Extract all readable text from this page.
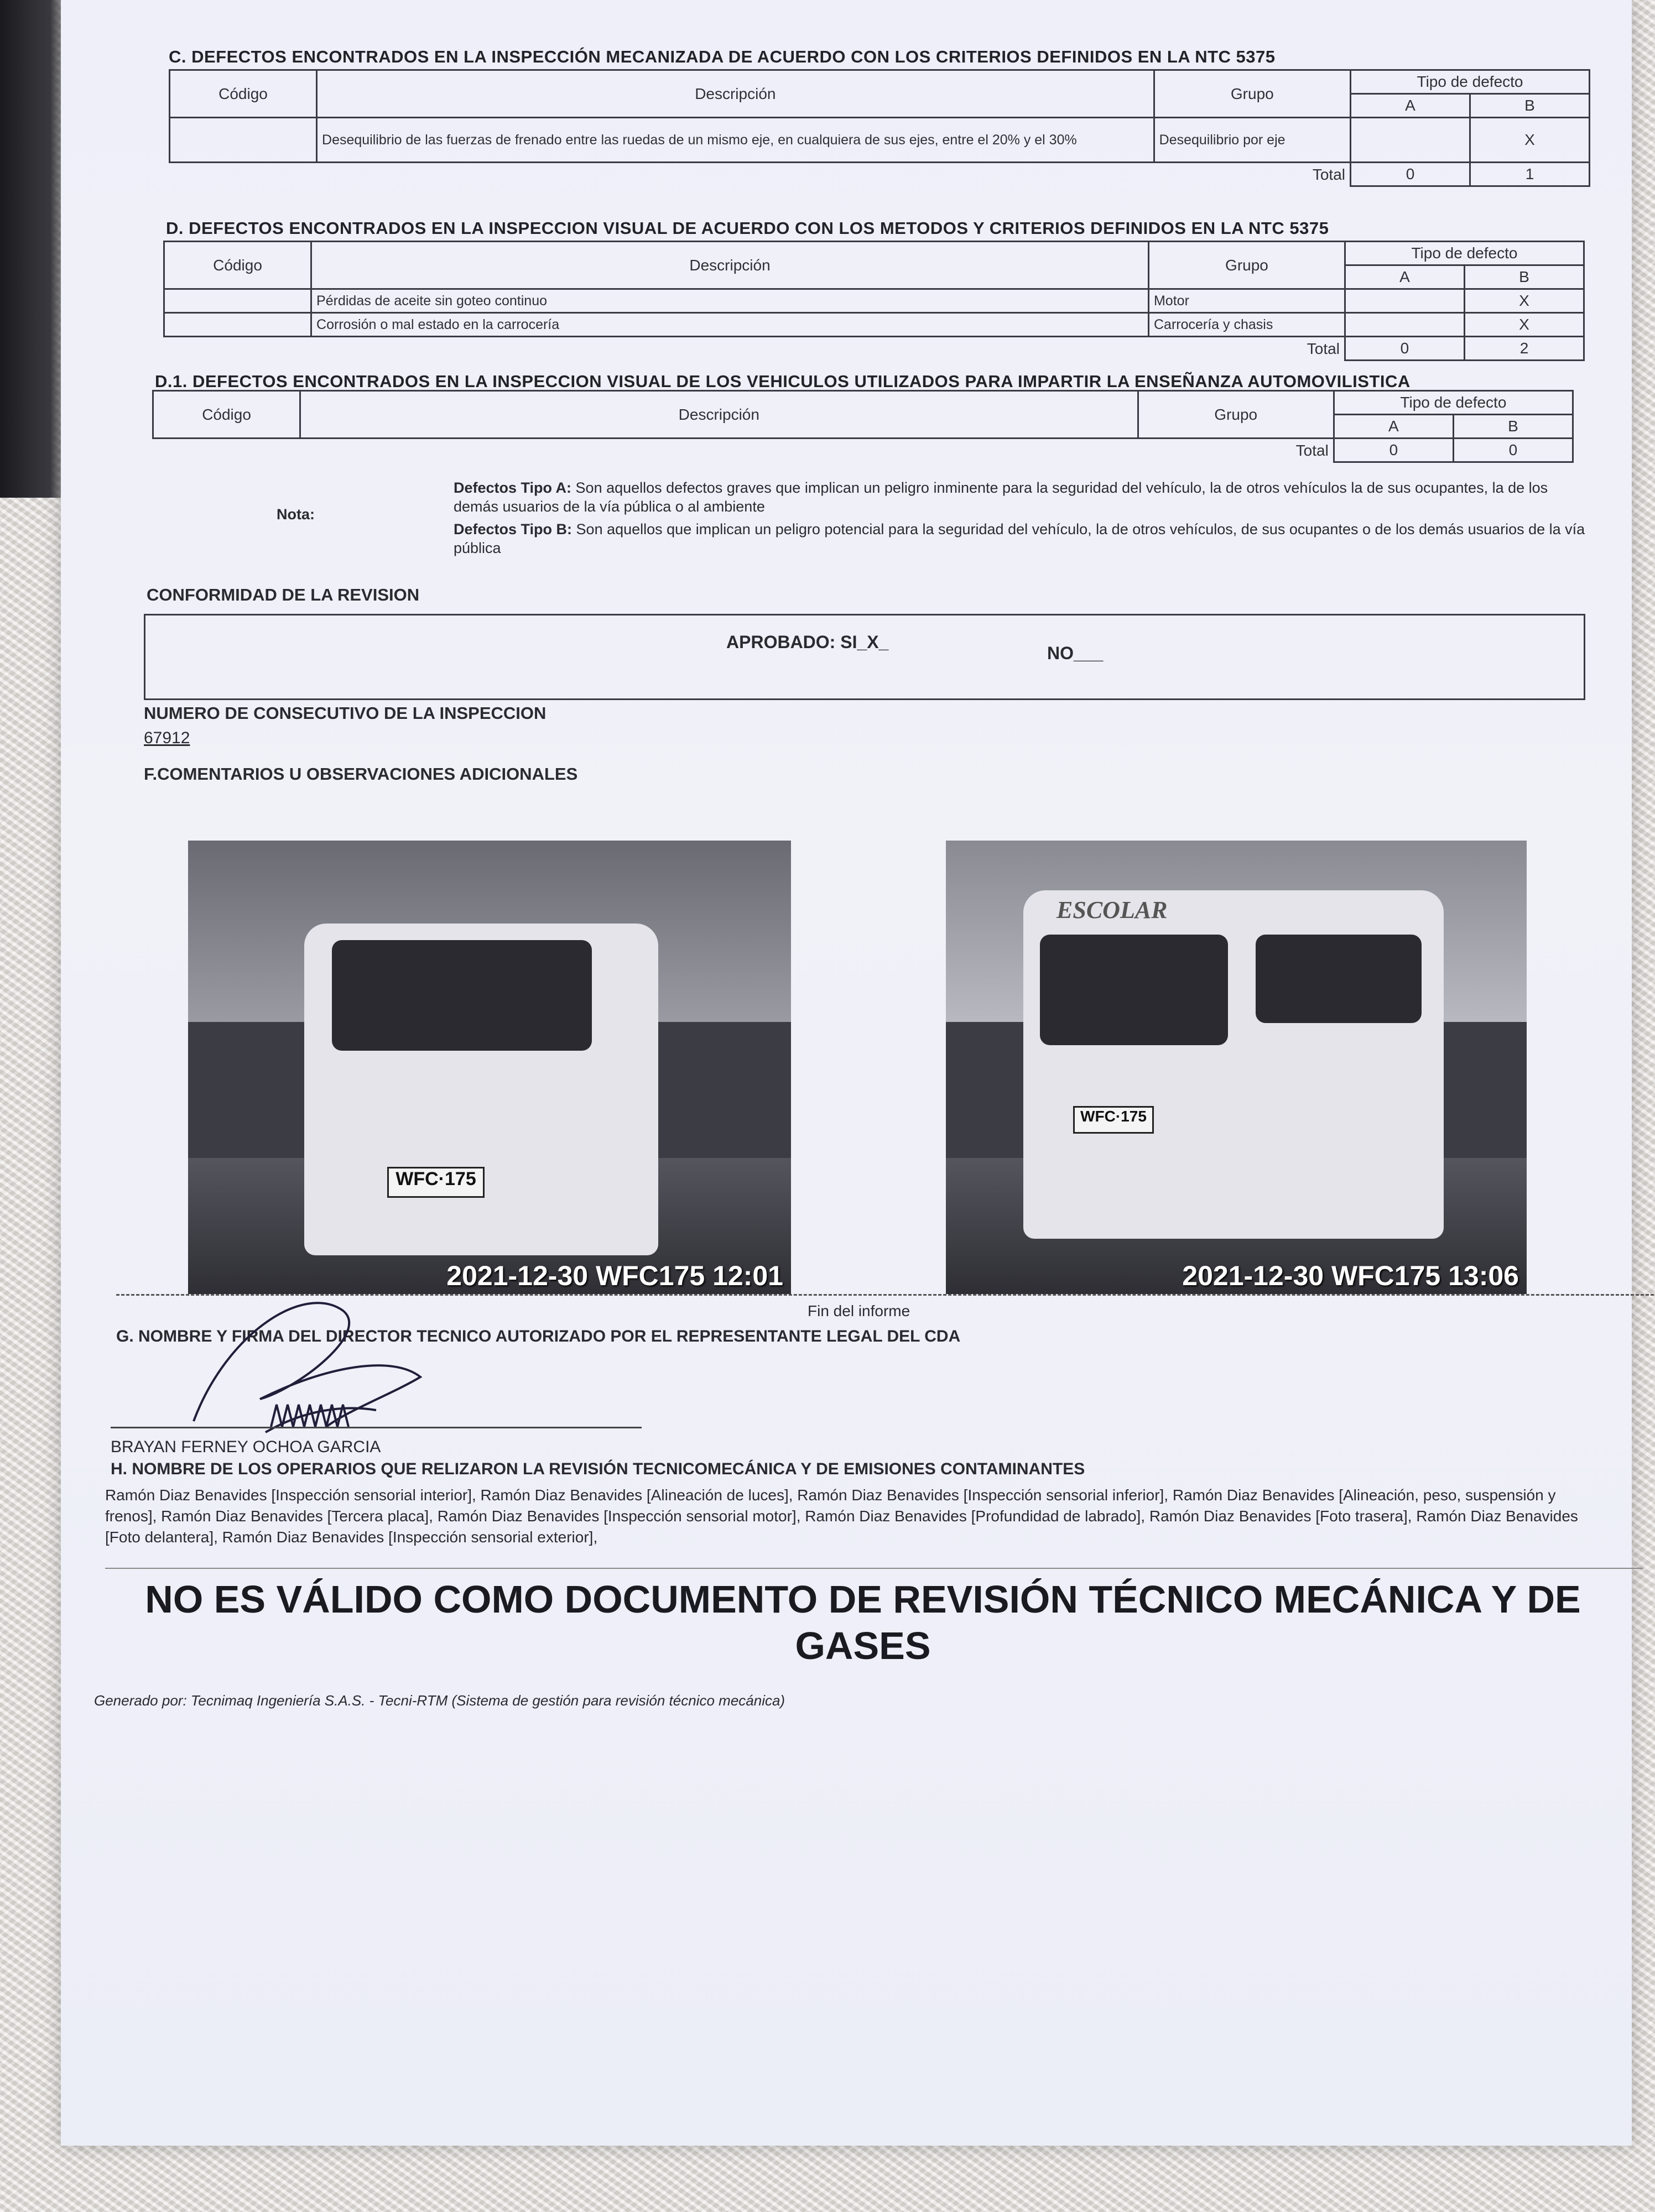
C. DEFECTOS ENCONTRADOS EN LA INSPECCIÓN MECANIZADA DE ACUERDO CON LOS CRITERIOS DEFINIDOS EN LA NTC 5375
Código	Descripción	Grupo	Tipo de defecto	
			A	B
	Desequilibrio de las fuerzas de frenado entre las ruedas de un mismo eje, en cualquiera de sus ejes, entre el 20% y el 30%	Desequilibrio por eje		X
Total			0	1
D. DEFECTOS ENCONTRADOS EN LA INSPECCION VISUAL DE ACUERDO CON LOS METODOS Y CRITERIOS DEFINIDOS EN LA NTC 5375
Código	Descripción	Grupo	Tipo de defecto	
			A	B
	Pérdidas de aceite sin goteo continuo	Motor		X
	Corrosión o mal estado en la carrocería	Carrocería y chasis		X
Total			0	2
D.1. DEFECTOS ENCONTRADOS EN LA INSPECCION VISUAL DE LOS VEHICULOS UTILIZADOS PARA IMPARTIR LA ENSEÑANZA AUTOMOVILISTICA
Código	Descripción	Grupo	Tipo de defecto	
			A	B
Total			0	0
Nota:
Defectos Tipo A: Son aquellos defectos graves que implican un peligro inminente para la seguridad del vehículo, la de otros vehículos la de sus ocupantes, la de los demás usuarios de la vía pública o al ambiente
Defectos Tipo B: Son aquellos que implican un peligro potencial para la seguridad del vehículo, la de otros vehículos, de sus ocupantes o de los demás usuarios de la vía pública
CONFORMIDAD DE LA REVISION
APROBADO: SI_X_
NO___
NUMERO DE CONSECUTIVO DE LA INSPECCION
67912
F.COMENTARIOS U OBSERVACIONES ADICIONALES
WFC·175
2021-12-30 WFC175 12:01
ESCOLAR
WFC·175
2021-12-30 WFC175 13:06
Fin del informe
G. NOMBRE Y FIRMA DEL DIRECTOR TECNICO AUTORIZADO POR EL REPRESENTANTE LEGAL DEL CDA
BRAYAN FERNEY OCHOA GARCIA
H. NOMBRE DE LOS OPERARIOS QUE RELIZARON LA REVISIÓN TECNICOMECÁNICA Y DE EMISIONES CONTAMINANTES
Ramón Diaz Benavides [Inspección sensorial interior], Ramón Diaz Benavides [Alineación de luces], Ramón Diaz Benavides [Inspección sensorial inferior], Ramón Diaz Benavides [Alineación, peso, suspensión y frenos], Ramón Diaz Benavides [Tercera placa], Ramón Diaz Benavides [Inspección sensorial motor], Ramón Diaz Benavides [Profundidad de labrado], Ramón Diaz Benavides [Foto trasera], Ramón Diaz Benavides [Foto delantera], Ramón Diaz Benavides [Inspección sensorial exterior],
NO ES VÁLIDO COMO DOCUMENTO DE REVISIÓN TÉCNICO MECÁNICA Y DE GASES
Generado por: Tecnimaq Ingeniería S.A.S. - Tecni-RTM (Sistema de gestión para revisión técnico mecánica)
